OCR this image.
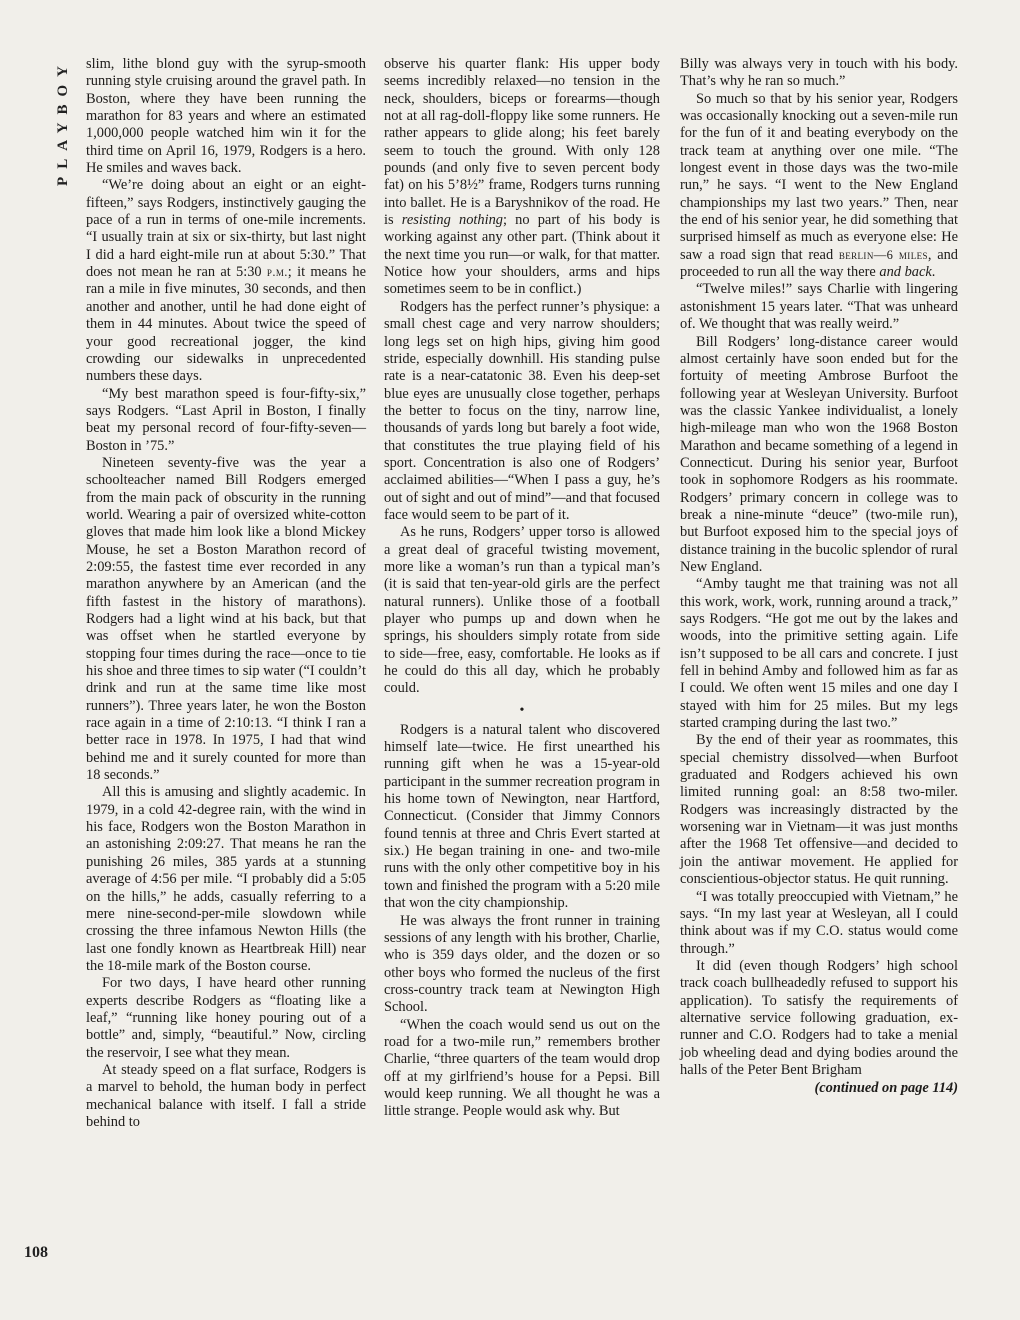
PLAYBOY slim, lithe blond guy with the syrup-smooth running style cruising around the gravel path. In Boston, where they have been running the marathon for 83 years and where an estimated 1,000,000 people watched him win it for the third time on April 16, 1979, Rodgers is a hero. He smiles and waves back.

“We’re doing about an eight or an eight-fifteen,” says Rodgers, instinctively gauging the pace of a run in terms of one-mile increments. “I usually train at six or six-thirty, but last night I did a hard eight-mile run at about 5:30.” That does not mean he ran at 5:30 p.m.; it means he ran a mile in five minutes, 30 seconds, and then another and another, until he had done eight of them in 44 minutes. About twice the speed of your good recreational jogger, the kind crowding our sidewalks in unprecedented numbers these days.

“My best marathon speed is four-fifty-six,” says Rodgers. “Last April in Boston, I finally beat my personal record of four-fifty-seven—Boston in ’75.”

Nineteen seventy-five was the year a schoolteacher named Bill Rodgers emerged from the main pack of obscurity in the running world. Wearing a pair of oversized white-cotton gloves that made him look like a blond Mickey Mouse, he set a Boston Marathon record of 2:09:55, the fastest time ever recorded in any marathon anywhere by an American (and the fifth fastest in the history of marathons). Rodgers had a light wind at his back, but that was offset when he startled everyone by stopping four times during the race—once to tie his shoe and three times to sip water (“I couldn’t drink and run at the same time like most runners”). Three years later, he won the Boston race again in a time of 2:10:13. “I think I ran a better race in 1978. In 1975, I had that wind behind me and it surely counted for more than 18 seconds.”

All this is amusing and slightly academic. In 1979, in a cold 42-degree rain, with the wind in his face, Rodgers won the Boston Marathon in an astonishing 2:09:27. That means he ran the punishing 26 miles, 385 yards at a stunning average of 4:56 per mile. “I probably did a 5:05 on the hills,” he adds, casually referring to a mere nine-second-per-mile slowdown while crossing the three infamous Newton Hills (the last one fondly known as Heartbreak Hill) near the 18-mile mark of the Boston course.

For two days, I have heard other running experts describe Rodgers as “floating like a leaf,” “running like honey pouring out of a bottle” and, simply, “beautiful.” Now, circling the reservoir, I see what they mean.

At steady speed on a flat surface, Rodgers is a marvel to behold, the human body in perfect mechanical balance with itself. I fall a stride behind to

observe his quarter flank: His upper body seems incredibly relaxed—no tension in the neck, shoulders, biceps or forearms—though not at all rag-doll-floppy like some runners. He rather appears to glide along; his feet barely seem to touch the ground. With only 128 pounds (and only five to seven percent body fat) on his 5’8½” frame, Rodgers turns running into ballet. He is a Baryshnikov of the road. He is resisting nothing; no part of his body is working against any other part. (Think about it the next time you run—or walk, for that matter. Notice how your shoulders, arms and hips sometimes seem to be in conflict.)

Rodgers has the perfect runner’s physique: a small chest cage and very narrow shoulders; long legs set on high hips, giving him good stride, especially downhill. His standing pulse rate is a near-catatonic 38. Even his deep-set blue eyes are unusually close together, perhaps the better to focus on the tiny, narrow line, thousands of yards long but barely a foot wide, that constitutes the true playing field of his sport. Concentration is also one of Rodgers’ acclaimed abilities—“When I pass a guy, he’s out of sight and out of mind”—and that focused face would seem to be part of it.

As he runs, Rodgers’ upper torso is allowed a great deal of graceful twisting movement, more like a woman’s run than a typical man’s (it is said that ten-year-old girls are the perfect natural runners). Unlike those of a football player who pumps up and down when he springs, his shoulders simply rotate from side to side—free, easy, comfortable. He looks as if he could do this all day, which he probably could.

•

Rodgers is a natural talent who discovered himself late—twice. He first unearthed his running gift when he was a 15-year-old participant in the summer recreation program in his home town of Newington, near Hartford, Connecticut. (Consider that Jimmy Connors found tennis at three and Chris Evert started at six.) He began training in one- and two-mile runs with the only other competitive boy in his town and finished the program with a 5:20 mile that won the city championship.

He was always the front runner in training sessions of any length with his brother, Charlie, who is 359 days older, and the dozen or so other boys who formed the nucleus of the first cross-country track team at Newington High School.

“When the coach would send us out on the road for a two-mile run,” remembers brother Charlie, “three quarters of the team would drop off at my girlfriend’s house for a Pepsi. Bill would keep running. We all thought he was a little strange. People would ask why. But

Billy was always very in touch with his body. That’s why he ran so much.”

So much so that by his senior year, Rodgers was occasionally knocking out a seven-mile run for the fun of it and beating everybody on the track team at anything over one mile. “The longest event in those days was the two-mile run,” he says. “I went to the New England championships my last two years.” Then, near the end of his senior year, he did something that surprised himself as much as everyone else: He saw a road sign that read berlin—6 miles, and proceeded to run all the way there and back.

“Twelve miles!” says Charlie with lingering astonishment 15 years later. “That was unheard of. We thought that was really weird.”

Bill Rodgers’ long-distance career would almost certainly have soon ended but for the fortuity of meeting Ambrose Burfoot the following year at Wesleyan University. Burfoot was the classic Yankee individualist, a lonely high-mileage man who won the 1968 Boston Marathon and became something of a legend in Connecticut. During his senior year, Burfoot took in sophomore Rodgers as his roommate. Rodgers’ primary concern in college was to break a nine-minute “deuce” (two-mile run), but Burfoot exposed him to the special joys of distance training in the bucolic splendor of rural New England.

“Amby taught me that training was not all this work, work, work, running around a track,” says Rodgers. “He got me out by the lakes and woods, into the primitive setting again. Life isn’t supposed to be all cars and concrete. I just fell in behind Amby and followed him as far as I could. We often went 15 miles and one day I stayed with him for 25 miles. But my legs started cramping during the last two.”

By the end of their year as roommates, this special chemistry dissolved—when Burfoot graduated and Rodgers achieved his own limited running goal: an 8:58 two-miler. Rodgers was increasingly distracted by the worsening war in Vietnam—it was just months after the 1968 Tet offensive—and decided to join the antiwar movement. He applied for conscientious-objector status. He quit running.

“I was totally preoccupied with Vietnam,” he says. “In my last year at Wesleyan, all I could think about was if my C.O. status would come through.”

It did (even though Rodgers’ high school track coach bullheadedly refused to support his application). To satisfy the requirements of alternative service following graduation, ex-runner and C.O. Rodgers had to take a menial job wheeling dead and dying bodies around the halls of the Peter Bent Brigham

(continued on page 114)
108
